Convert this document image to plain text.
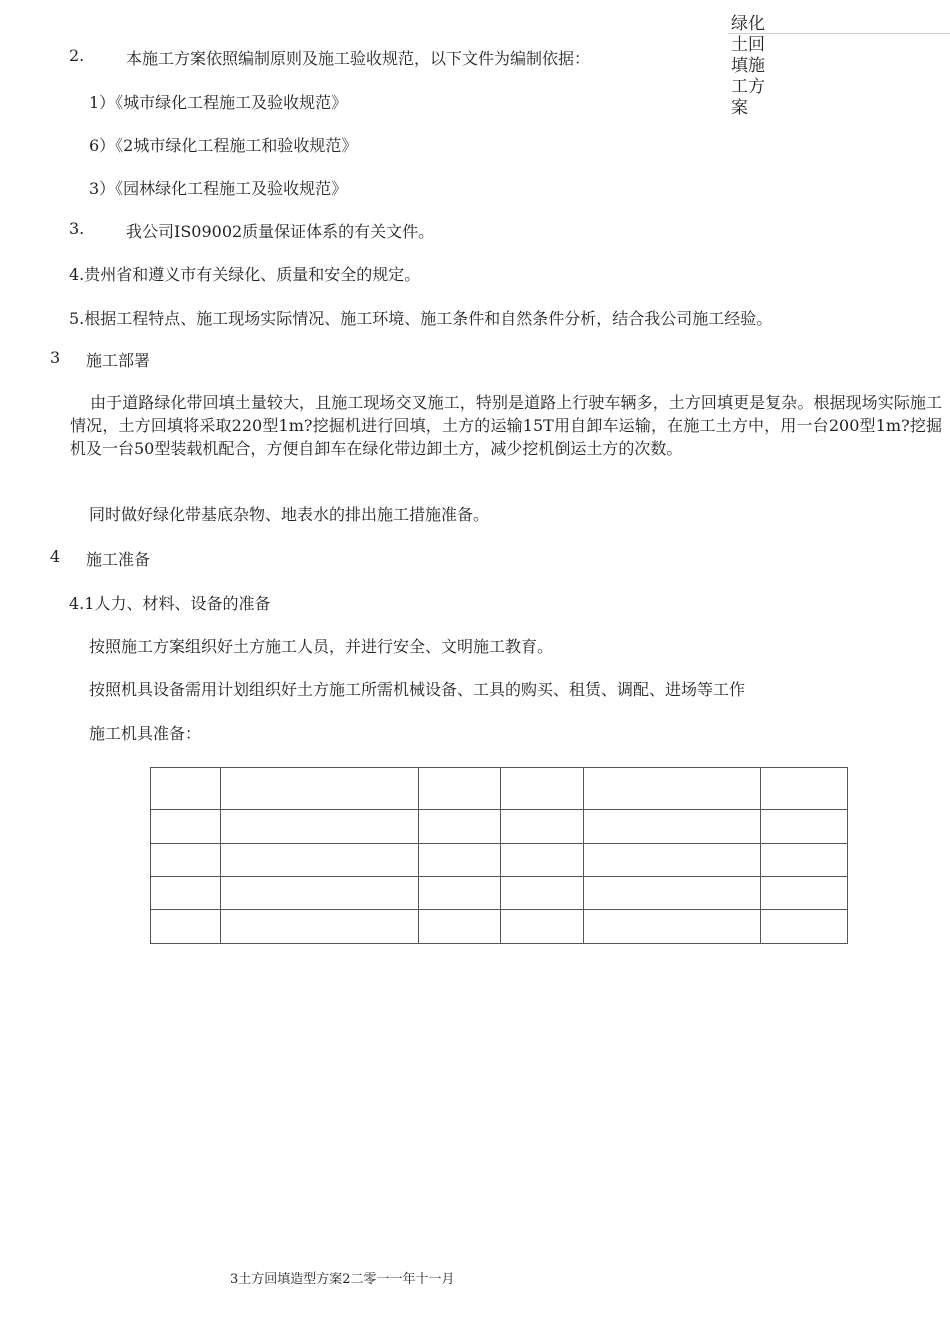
绿化土回填施工方案
2.	本施工方案依照编制原则及施工验收规范，以下文件为编制依据：
1）《城市绿化工程施工及验收规范》
6）《2城市绿化工程施工和验收规范》
3）《园林绿化工程施工及验收规范》
3.	我公司IS09002质量保证体系的有关文件。
4.贵州省和遵义市有关绿化、质量和安全的规定。
5.根据工程特点、施工现场实际情况、施工环境、施工条件和自然条件分析，结合我公司施工经验。
3 施工部署
由于道路绿化带回填土量较大，且施工现场交叉施工，特别是道路上行驶车辆多，土方回填更是复杂。根据现场实际施工情况，土方回填将采取220型1m?挖掘机进行回填，土方的运输15T用自卸车运输，在施工土方中，用一台200型1m?挖掘机及一台50型装载机配合，方便自卸车在绿化带边卸土方，减少挖机倒运土方的次数。
同时做好绿化带基底杂物、地表水的排出施工措施准备。
4 施工准备
4.1人力、材料、设备的准备
按照施工方案组织好土方施工人员，并进行安全、文明施工教育。
按照机具设备需用计划组织好土方施工所需机械设备、工具的购买、租赁、调配、进场等工作
施工机具准备：

3土方回填造型方案2二零一一年十一月
